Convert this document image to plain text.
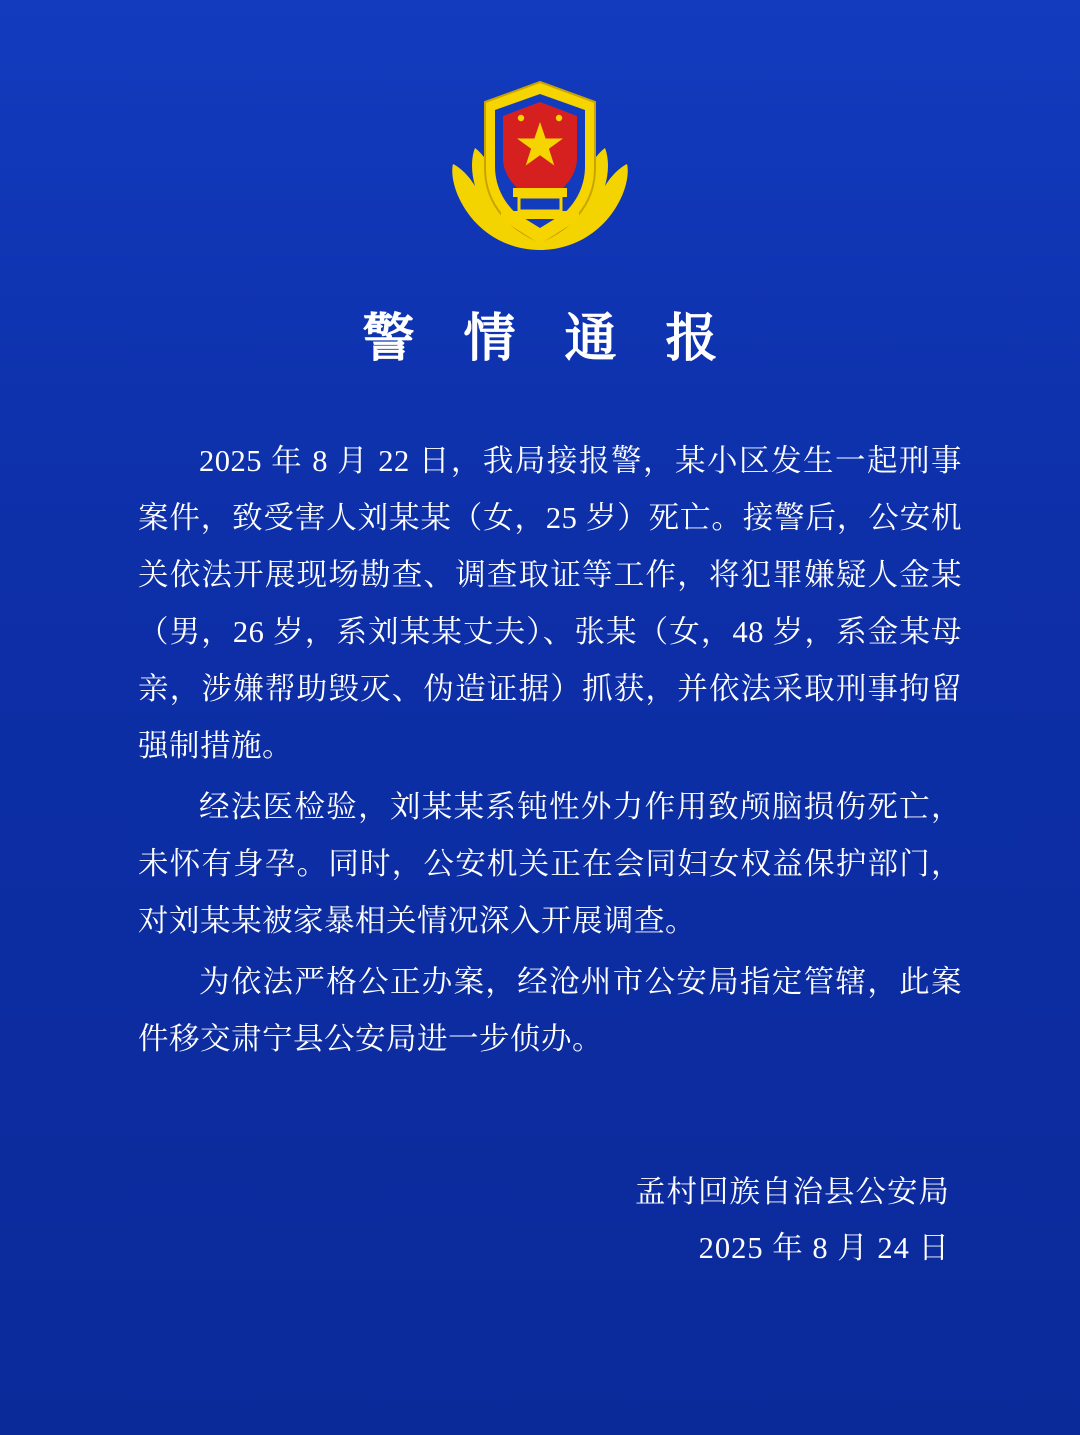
警 情 通 报

2025 年 8 月 22 日，我局接报警，某小区发生一起刑事案件，致受害人刘某某（女，25 岁）死亡。接警后，公安机关依法开展现场勘查、调查取证等工作，将犯罪嫌疑人金某（男，26 岁，系刘某某丈夫）、张某（女，48 岁，系金某母亲，涉嫌帮助毁灭、伪造证据）抓获，并依法采取刑事拘留强制措施。

经法医检验，刘某某系钝性外力作用致颅脑损伤死亡，未怀有身孕。同时，公安机关正在会同妇女权益保护部门，对刘某某被家暴相关情况深入开展调查。

为依法严格公正办案，经沧州市公安局指定管辖，此案件移交肃宁县公安局进一步侦办。

孟村回族自治县公安局
2025 年 8 月 24 日
